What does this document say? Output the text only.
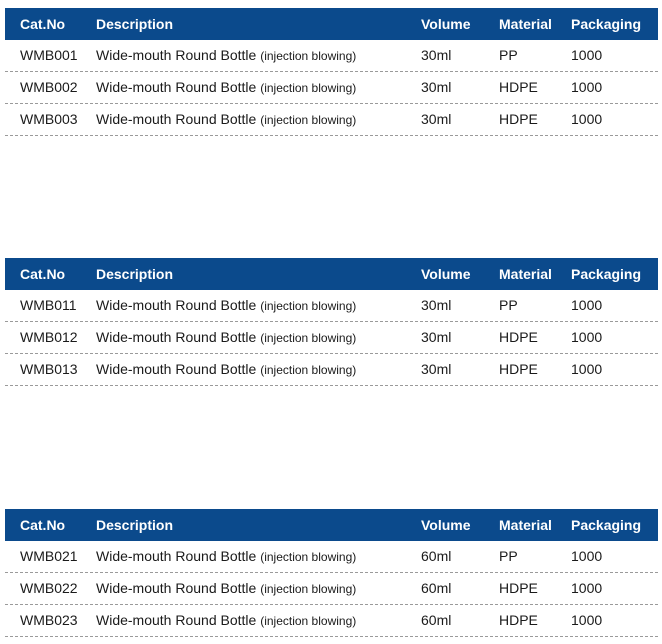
Cat.No Description	Volume Material Packaging
WMB001 Wide-mouth Round Bottle (injection blowing)	30ml	PP	1000
WMB002 Wide-mouth Round Bottle (injection blowing)	30ml	HDPE 1000
WMB003 Wide-mouth Round Bottle (injection blowing)	30ml	HDPE 1000
Cat.No Description	Volume Material Packaging
WMB011 Wide-mouth Round Bottle (injection blowing)	30ml	PP	1000
WMB012 Wide-mouth Round Bottle (injection blowing)	30ml	HDPE 1000
WMB013 Wide-mouth Round Bottle (injection blowing)	30ml	HDPE 1000
Cat.No Description	Volume Material Packaging
WMB021 Wide-mouth Round Bottle (injection blowing)	60ml	PP	1000
WMB022 Wide-mouth Round Bottle (injection blowing)	60ml	HDPE 1000
WMB023 Wide-mouth Round Bottle (injection blowing)	60ml	HDPE 1000
